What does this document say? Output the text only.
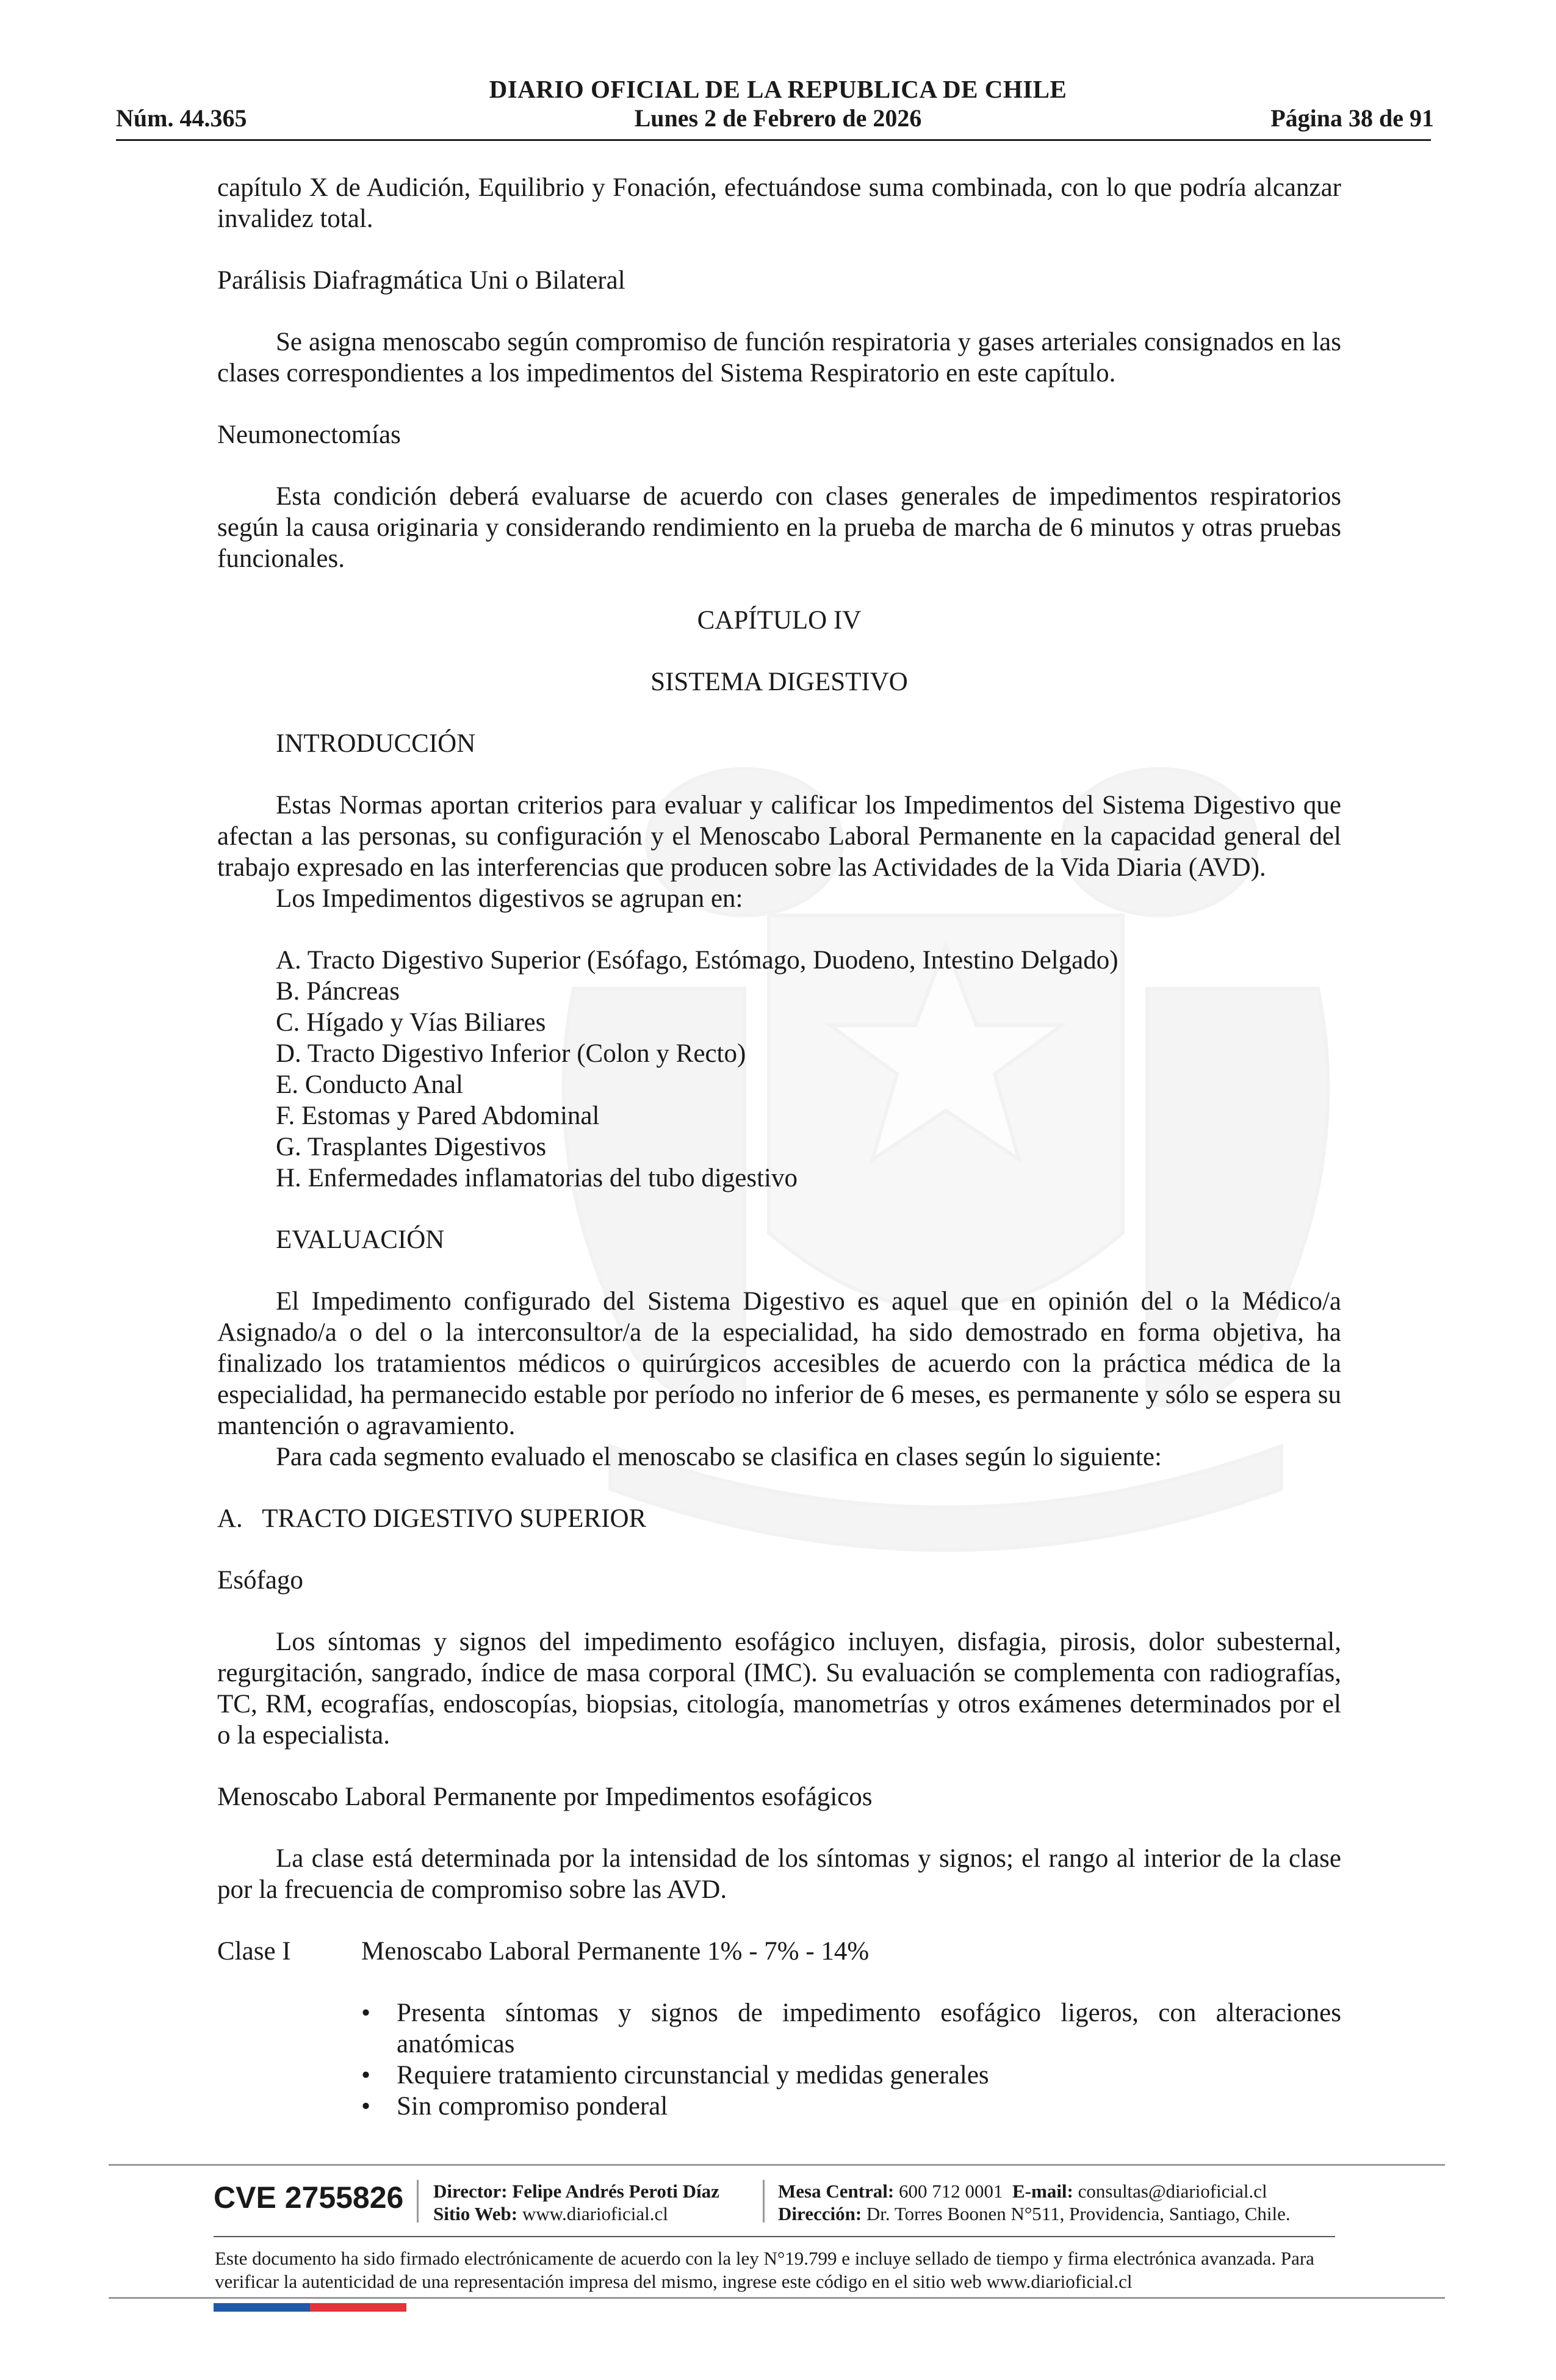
DIARIO OFICIAL DE LA REPUBLICA DE CHILE
Núm. 44.365	Lunes 2 de Febrero de 2026	Página 38 de 91

capítulo X de Audición, Equilibrio y Fonación, efectuándose suma combinada, con lo que podría alcanzar invalidez total.

Parálisis Diafragmática Uni o Bilateral

Se asigna menoscabo según compromiso de función respiratoria y gases arteriales consignados en las clases correspondientes a los impedimentos del Sistema Respiratorio en este capítulo.

Neumonectomías

Esta condición deberá evaluarse de acuerdo con clases generales de impedimentos respiratorios según la causa originaria y considerando rendimiento en la prueba de marcha de 6 minutos y otras pruebas funcionales.

CAPÍTULO IV

SISTEMA DIGESTIVO

INTRODUCCIÓN

Estas Normas aportan criterios para evaluar y calificar los Impedimentos del Sistema Digestivo que afectan a las personas, su configuración y el Menoscabo Laboral Permanente en la capacidad general del trabajo expresado en las interferencias que producen sobre las Actividades de la Vida Diaria (AVD).

Los Impedimentos digestivos se agrupan en:

A. Tracto Digestivo Superior (Esófago, Estómago, Duodeno, Intestino Delgado)
B. Páncreas
C. Hígado y Vías Biliares
D. Tracto Digestivo Inferior (Colon y Recto)
E. Conducto Anal
F. Estomas y Pared Abdominal
G. Trasplantes Digestivos
H. Enfermedades inflamatorias del tubo digestivo

EVALUACIÓN

El Impedimento configurado del Sistema Digestivo es aquel que en opinión del o la Médico/a Asignado/a o del o la interconsultor/a de la especialidad, ha sido demostrado en forma objetiva, ha finalizado los tratamientos médicos o quirúrgicos accesibles de acuerdo con la práctica médica de la especialidad, ha permanecido estable por período no inferior de 6 meses, es permanente y sólo se espera su mantención o agravamiento.

Para cada segmento evaluado el menoscabo se clasifica en clases según lo siguiente:

A.   TRACTO DIGESTIVO SUPERIOR

Esófago

Los síntomas y signos del impedimento esofágico incluyen, disfagia, pirosis, dolor subesternal, regurgitación, sangrado, índice de masa corporal (IMC). Su evaluación se complementa con radiografías, TC, RM, ecografías, endoscopías, biopsias, citología, manometrías y otros exámenes determinados por el o la especialista.

Menoscabo Laboral Permanente por Impedimentos esofágicos

La clase está determinada por la intensidad de los síntomas y signos; el rango al interior de la clase por la frecuencia de compromiso sobre las AVD.

Clase I	Menoscabo Laboral Permanente 1% - 7% - 14%
• Presenta síntomas y signos de impedimento esofágico ligeros, con alteraciones anatómicas
• Requiere tratamiento circunstancial y medidas generales
• Sin compromiso ponderal
CVE 2755826 Director: Felipe Andrés Peroti Díaz
Sitio Web: www.diarioficial.cl
Mesa Central: 600 712 0001 E-mail: consultas@diarioficial.cl
Dirección: Dr. Torres Boonen N°511, Providencia, Santiago, Chile.
Este documento ha sido firmado electrónicamente de acuerdo con la ley N°19.799 e incluye sellado de tiempo y firma electrónica avanzada. Para verificar la autenticidad de una representación impresa del mismo, ingrese este código en el sitio web www.diarioficial.cl
